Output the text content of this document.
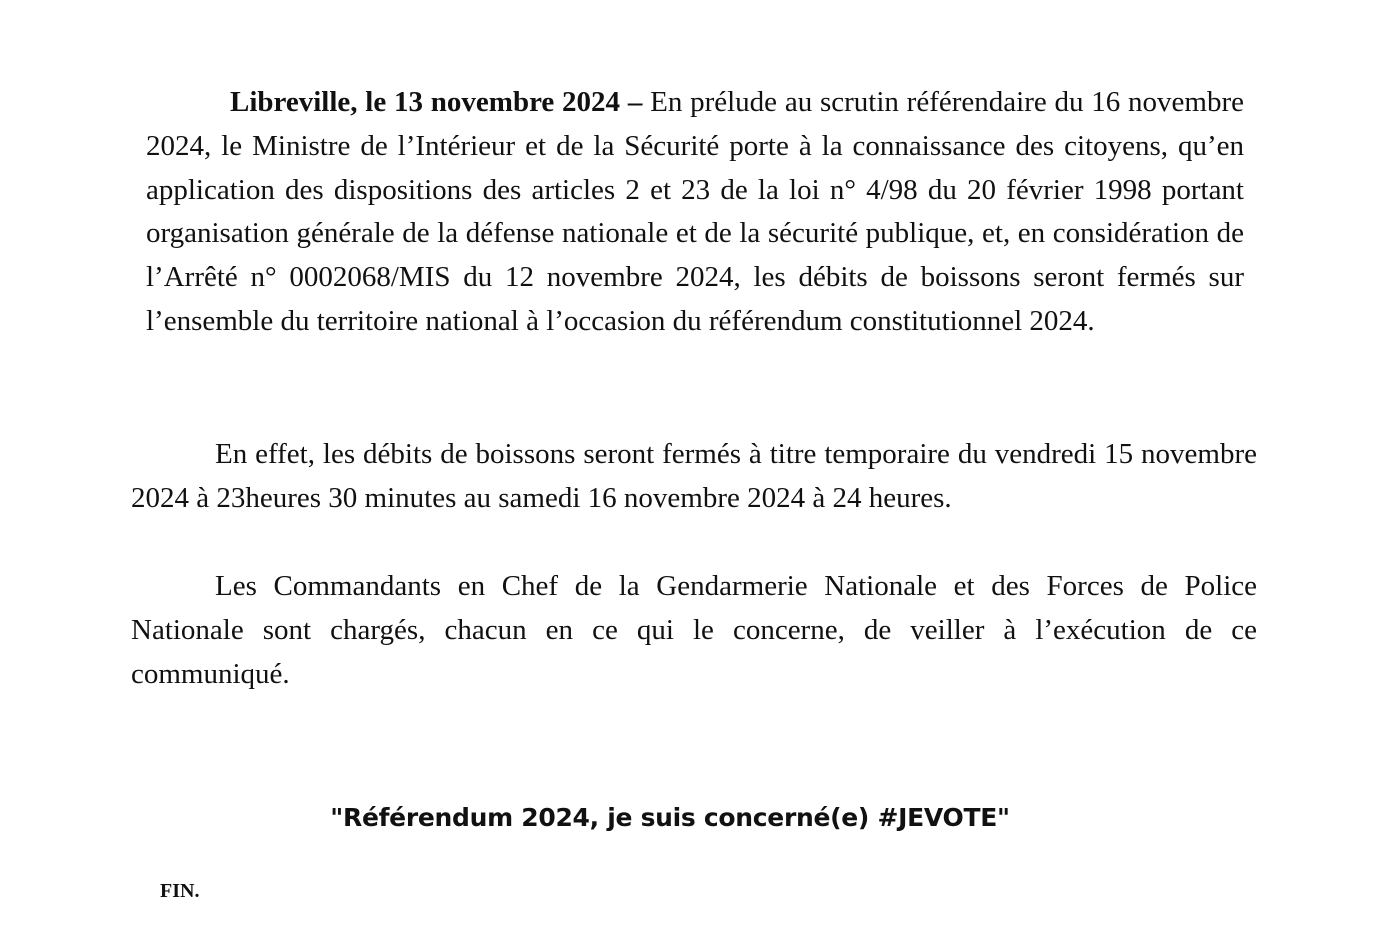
Libreville, le 13 novembre 2024 – En prélude au scrutin référendaire du 16 novembre 2024, le Ministre de l’Intérieur et de la Sécurité porte à la connaissance des citoyens, qu’en application des dispositions des articles 2 et 23 de la loi n° 4/98 du 20 février 1998 portant organisation générale de la défense nationale et de la sécurité publique, et, en considération de l’Arrêté n° 0002068/MIS du 12 novembre 2024, les débits de boissons seront fermés sur l’ensemble du territoire national à l’occasion du référendum constitutionnel 2024.

En effet, les débits de boissons seront fermés à titre temporaire du vendredi 15 novembre 2024 à 23heures 30 minutes au samedi 16 novembre 2024 à 24 heures.

Les Commandants en Chef de la Gendarmerie Nationale et des Forces de Police Nationale sont chargés, chacun en ce qui le concerne, de veiller à l’exécution de ce communiqué.

"Référendum 2024, je suis concerné(e) #JEVOTE"
FIN.
